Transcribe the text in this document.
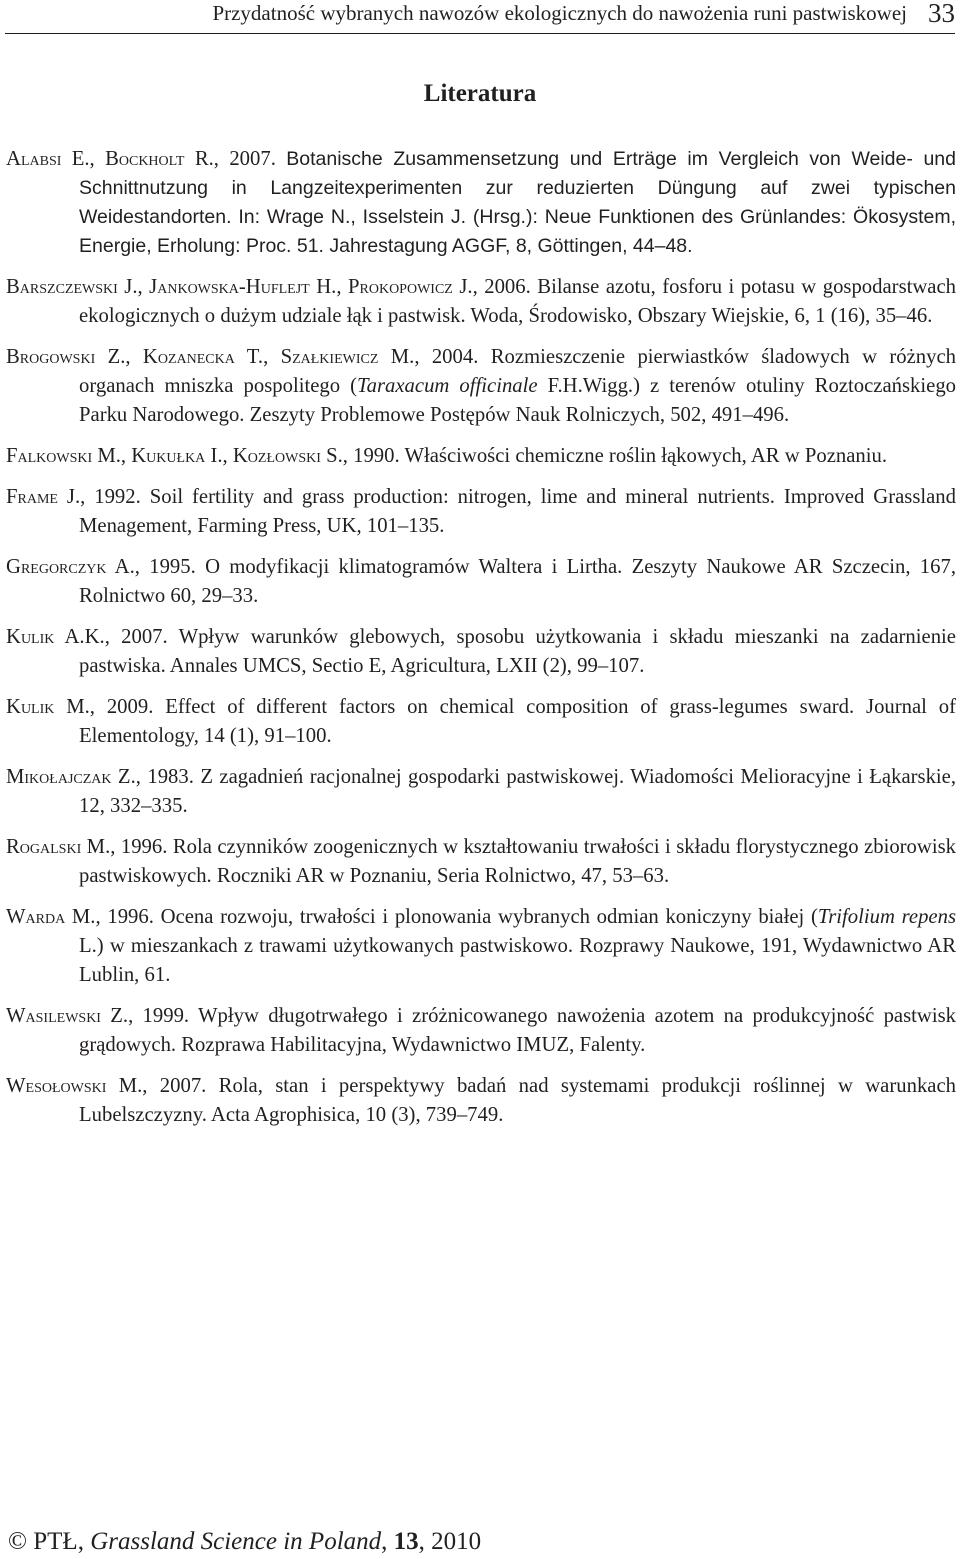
Przydatność wybranych nawozów ekologicznych do nawożenia runi pastwiskowej 33
Literatura

Alabsi E., Bockholt R., 2007. Botanische Zusammensetzung und Erträge im Vergleich von Weide- und Schnittnutzung in Langzeitexperimenten zur reduzierten Düngung auf zwei typischen Weidestandorten. In: Wrage N., Isselstein J. (Hrsg.): Neue Funktionen des Grünlandes: Ökosystem, Energie, Erholung: Proc. 51. Jahrestagung AGGF, 8, Göttingen, 44–48.

Barszczewski J., Jankowska-Huflejt H., Prokopowicz J., 2006. Bilanse azotu, fosforu i potasu w gospodarstwach ekologicznych o dużym udziale łąk i pastwisk. Woda, Środowisko, Obszary Wiejskie, 6, 1 (16), 35–46.

Brogowski Z., Kozanecka T., Szałkiewicz M., 2004. Rozmieszczenie pierwiastków śladowych w różnych organach mniszka pospolitego (Taraxacum officinale F.H.Wigg.) z terenów otuliny Roztoczańskiego Parku Narodowego. Zeszyty Problemowe Postępów Nauk Rolniczych, 502, 491–496.

Falkowski M., Kukułka I., Kozłowski S., 1990. Właściwości chemiczne roślin łąkowych, AR w Poznaniu.

Frame J., 1992. Soil fertility and grass production: nitrogen, lime and mineral nutrients. Improved Grassland Menagement, Farming Press, UK, 101–135.

Gregorczyk A., 1995. O modyfikacji klimatogramów Waltera i Lirtha. Zeszyty Naukowe AR Szczecin, 167, Rolnictwo 60, 29–33.

Kulik A.K., 2007. Wpływ warunków glebowych, sposobu użytkowania i składu mieszanki na zadarnienie pastwiska. Annales UMCS, Sectio E, Agricultura, LXII (2), 99–107.

Kulik M., 2009. Effect of different factors on chemical composition of grass-legumes sward. Journal of Elementology, 14 (1), 91–100.

Mikołajczak Z., 1983. Z zagadnień racjonalnej gospodarki pastwiskowej. Wiadomości Melioracyjne i Łąkarskie, 12, 332–335.

Rogalski M., 1996. Rola czynników zoogenicznych w kształtowaniu trwałości i składu florystycznego zbiorowisk pastwiskowych. Roczniki AR w Poznaniu, Seria Rolnictwo, 47, 53–63.

Warda M., 1996. Ocena rozwoju, trwałości i plonowania wybranych odmian koniczyny białej (Trifolium repens L.) w mieszankach z trawami użytkowanych pastwiskowo. Rozprawy Naukowe, 191, Wydawnictwo AR Lublin, 61.

Wasilewski Z., 1999. Wpływ długotrwałego i zróżnicowanego nawożenia azotem na produkcyjność pastwisk grądowych. Rozprawa Habilitacyjna, Wydawnictwo IMUZ, Falenty.

Wesołowski M., 2007. Rola, stan i perspektywy badań nad systemami produkcji roślinnej w warunkach Lubelszczyzny. Acta Agrophisica, 10 (3), 739–749.

© PTŁ, Grassland Science in Poland, 13, 2010
